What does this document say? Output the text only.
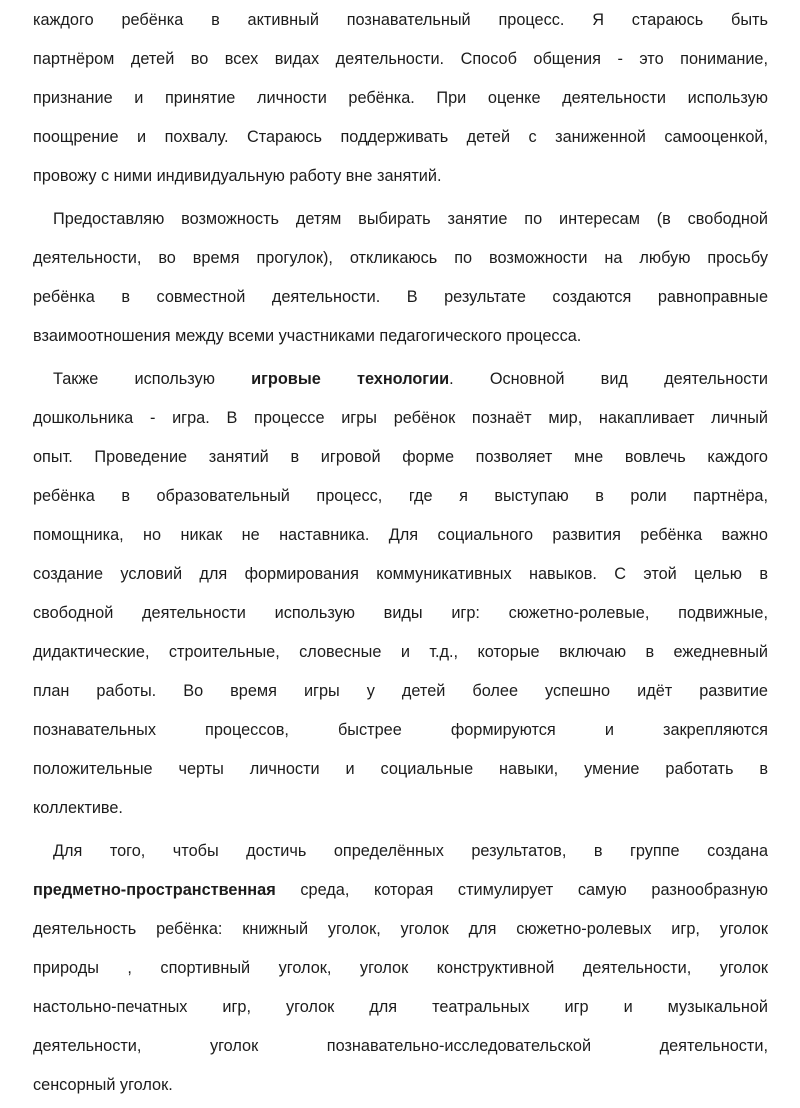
каждого ребёнка в активный познавательный процесс. Я стараюсь быть
партнёром детей во всех видах деятельности. Способ общения - это понимание,
признание и принятие личности ребёнка. При оценке деятельности использую
поощрение и похвалу. Стараюсь поддерживать детей с заниженной самооценкой,
провожу с ними индивидуальную работу вне занятий.
Предоставляю возможность детям выбирать занятие по интересам (в свободной
деятельности, во время прогулок), откликаюсь по возможности на любую просьбу
ребёнка в совместной деятельности. В результате создаются равноправные
взаимоотношения между всеми участниками педагогического процесса.
Также использую игровые технологии. Основной вид деятельности
дошкольника - игра. В процессе игры ребёнок познаёт мир, накапливает личный
опыт. Проведение занятий в игровой форме позволяет мне вовлечь каждого
ребёнка в образовательный процесс, где я выступаю в роли партнёра,
помощника, но никак не наставника. Для социального развития ребёнка важно
создание условий для формирования коммуникативных навыков. С этой целью в
свободной деятельности использую виды игр: сюжетно-ролевые, подвижные,
дидактические, строительные, словесные и т.д., которые включаю в ежедневный
план работы. Во время игры у детей более успешно идёт развитие
познавательных процессов, быстрее формируются и закрепляются
положительные черты личности и социальные навыки, умение работать в
коллективе.
Для того, чтобы достичь определённых результатов, в группе создана
предметно-пространственная среда, которая стимулирует самую разнообразную
деятельность ребёнка: книжный уголок, уголок для сюжетно-ролевых игр, уголок
природы , спортивный уголок, уголок конструктивной деятельности, уголок
настольно-печатных игр, уголок для театральных игр и музыкальной
деятельности, уголок познавательно-исследовательской деятельности,
сенсорный уголок.
